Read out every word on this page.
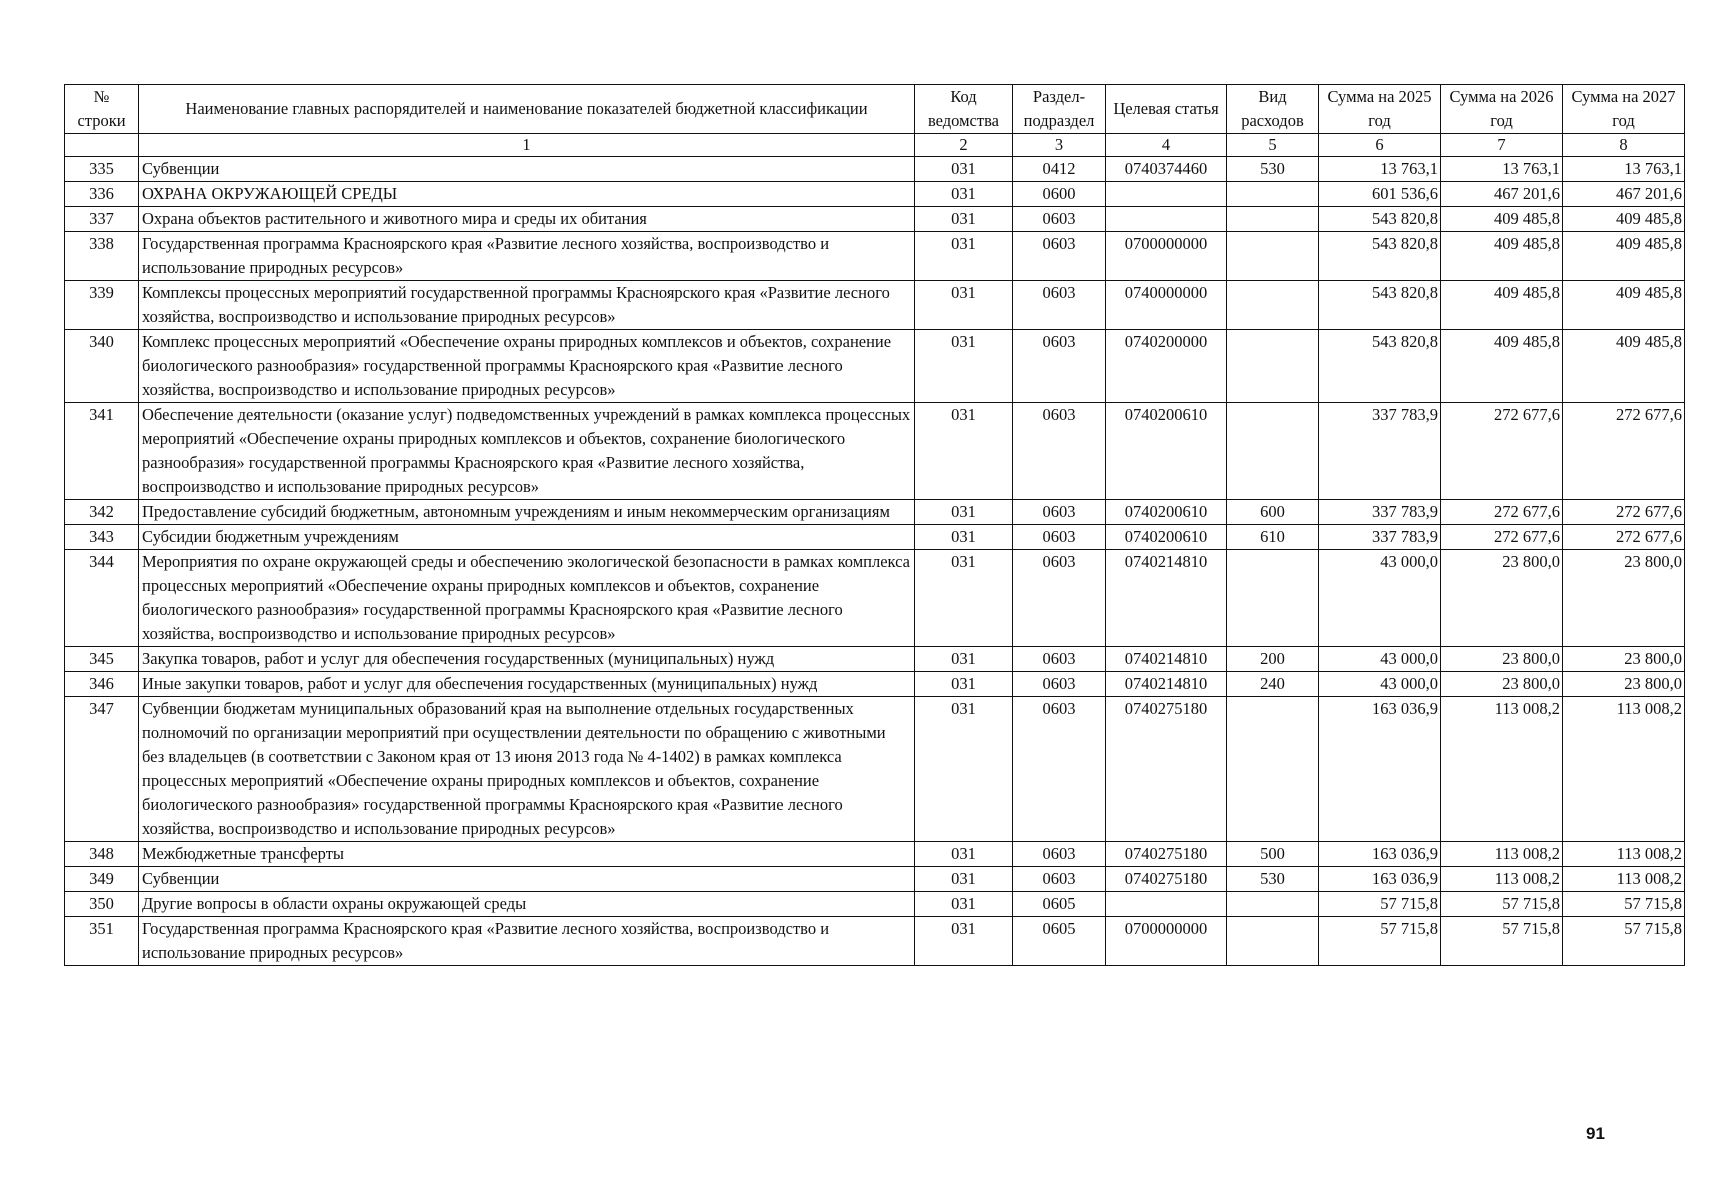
№ строки	Наименование главных распорядителей и наименование показателей бюджетной классификации	Код ведомства	Раздел-подраздел	Целевая статья	Вид расходов	Сумма на 2025 год	Сумма на 2026 год	Сумма на 2027 год
	1	2	3	4	5	6	7	8
335	Субвенции	031	0412	0740374460	530	13 763,1	13 763,1	13 763,1
336	ОХРАНА ОКРУЖАЮЩЕЙ СРЕДЫ	031	0600			601 536,6	467 201,6	467 201,6
337	Охрана объектов растительного и животного мира и среды их обитания	031	0603			543 820,8	409 485,8	409 485,8
338	Государственная программа Красноярского края «Развитие лесного хозяйства, воспроизводство и использование природных ресурсов»	031	0603	0700000000		543 820,8	409 485,8	409 485,8
339	Комплексы процессных мероприятий государственной программы Красноярского края «Развитие лесного хозяйства, воспроизводство и использование природных ресурсов»	031	0603	0740000000		543 820,8	409 485,8	409 485,8
340	Комплекс процессных мероприятий «Обеспечение охраны природных комплексов и объектов, сохранение биологического разнообразия» государственной программы Красноярского края «Развитие лесного хозяйства, воспроизводство и использование природных ресурсов»	031	0603	0740200000		543 820,8	409 485,8	409 485,8
341	Обеспечение деятельности (оказание услуг) подведомственных учреждений в рамках комплекса процессных мероприятий «Обеспечение охраны природных комплексов и объектов, сохранение биологического разнообразия» государственной программы Красноярского края «Развитие лесного хозяйства, воспроизводство и использование природных ресурсов»	031	0603	0740200610		337 783,9	272 677,6	272 677,6
342	Предоставление субсидий бюджетным, автономным учреждениям и иным некоммерческим организациям	031	0603	0740200610	600	337 783,9	272 677,6	272 677,6
343	Субсидии бюджетным учреждениям	031	0603	0740200610	610	337 783,9	272 677,6	272 677,6
344	Мероприятия по охране окружающей среды и обеспечению экологической безопасности в рамках комплекса процессных мероприятий «Обеспечение охраны природных комплексов и объектов, сохранение биологического разнообразия» государственной программы Красноярского края «Развитие лесного хозяйства, воспроизводство и использование природных ресурсов»	031	0603	0740214810		43 000,0	23 800,0	23 800,0
345	Закупка товаров, работ и услуг для обеспечения государственных (муниципальных) нужд	031	0603	0740214810	200	43 000,0	23 800,0	23 800,0
346	Иные закупки товаров, работ и услуг для обеспечения государственных (муниципальных) нужд	031	0603	0740214810	240	43 000,0	23 800,0	23 800,0
347	Субвенции бюджетам муниципальных образований края на выполнение отдельных государственных полномочий по организации мероприятий при осуществлении деятельности по обращению с животными без владельцев (в соответствии с Законом края от 13 июня 2013 года № 4-1402) в рамках комплекса процессных мероприятий «Обеспечение охраны природных комплексов и объектов, сохранение биологического разнообразия» государственной программы Красноярского края «Развитие лесного хозяйства, воспроизводство и использование природных ресурсов»	031	0603	0740275180		163 036,9	113 008,2	113 008,2
348	Межбюджетные трансферты	031	0603	0740275180	500	163 036,9	113 008,2	113 008,2
349	Субвенции	031	0603	0740275180	530	163 036,9	113 008,2	113 008,2
350	Другие вопросы в области охраны окружающей среды	031	0605			57 715,8	57 715,8	57 715,8
351	Государственная программа Красноярского края «Развитие лесного хозяйства, воспроизводство и использование природных ресурсов»	031	0605	0700000000		57 715,8	57 715,8	57 715,8
91
